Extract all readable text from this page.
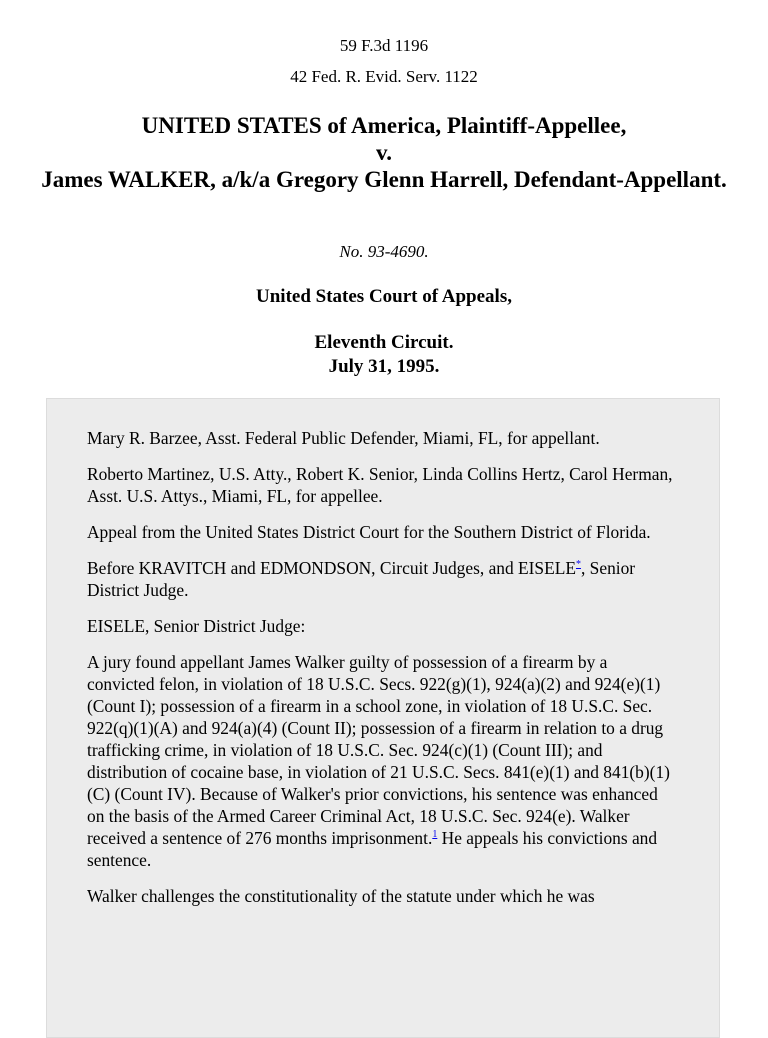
59 F.3d 1196
42 Fed. R. Evid. Serv. 1122
UNITED STATES of America, Plaintiff-Appellee,
v.
James WALKER, a/k/a Gregory Glenn Harrell, Defendant-Appellant.
No. 93-4690.
United States Court of Appeals,
Eleventh Circuit.
July 31, 1995.

Mary R. Barzee, Asst. Federal Public Defender, Miami, FL, for appellant.

Roberto Martinez, U.S. Atty., Robert K. Senior, Linda Collins Hertz, Carol Herman, Asst. U.S. Attys., Miami, FL, for appellee.

Appeal from the United States District Court for the Southern District of Florida.

Before KRAVITCH and EDMONDSON, Circuit Judges, and EISELE*, Senior District Judge.

EISELE, Senior District Judge:

A jury found appellant James Walker guilty of possession of a firearm by a convicted felon, in violation of 18 U.S.C. Secs. 922(g)(1), 924(a)(2) and 924(e)(1) (Count I); possession of a firearm in a school zone, in violation of 18 U.S.C. Sec. 922(q)(1)(A) and 924(a)(4) (Count II); possession of a firearm in relation to a drug trafficking crime, in violation of 18 U.S.C. Sec. 924(c)(1) (Count III); and distribution of cocaine base, in violation of 21 U.S.C. Secs. 841(e)(1) and 841(b)(1)(C) (Count IV). Because of Walker's prior convictions, his sentence was enhanced on the basis of the Armed Career Criminal Act, 18 U.S.C. Sec. 924(e). Walker received a sentence of 276 months imprisonment.$^1$ He appeals his convictions and sentence.

Walker challenges the constitutionality of the statute under which he was
